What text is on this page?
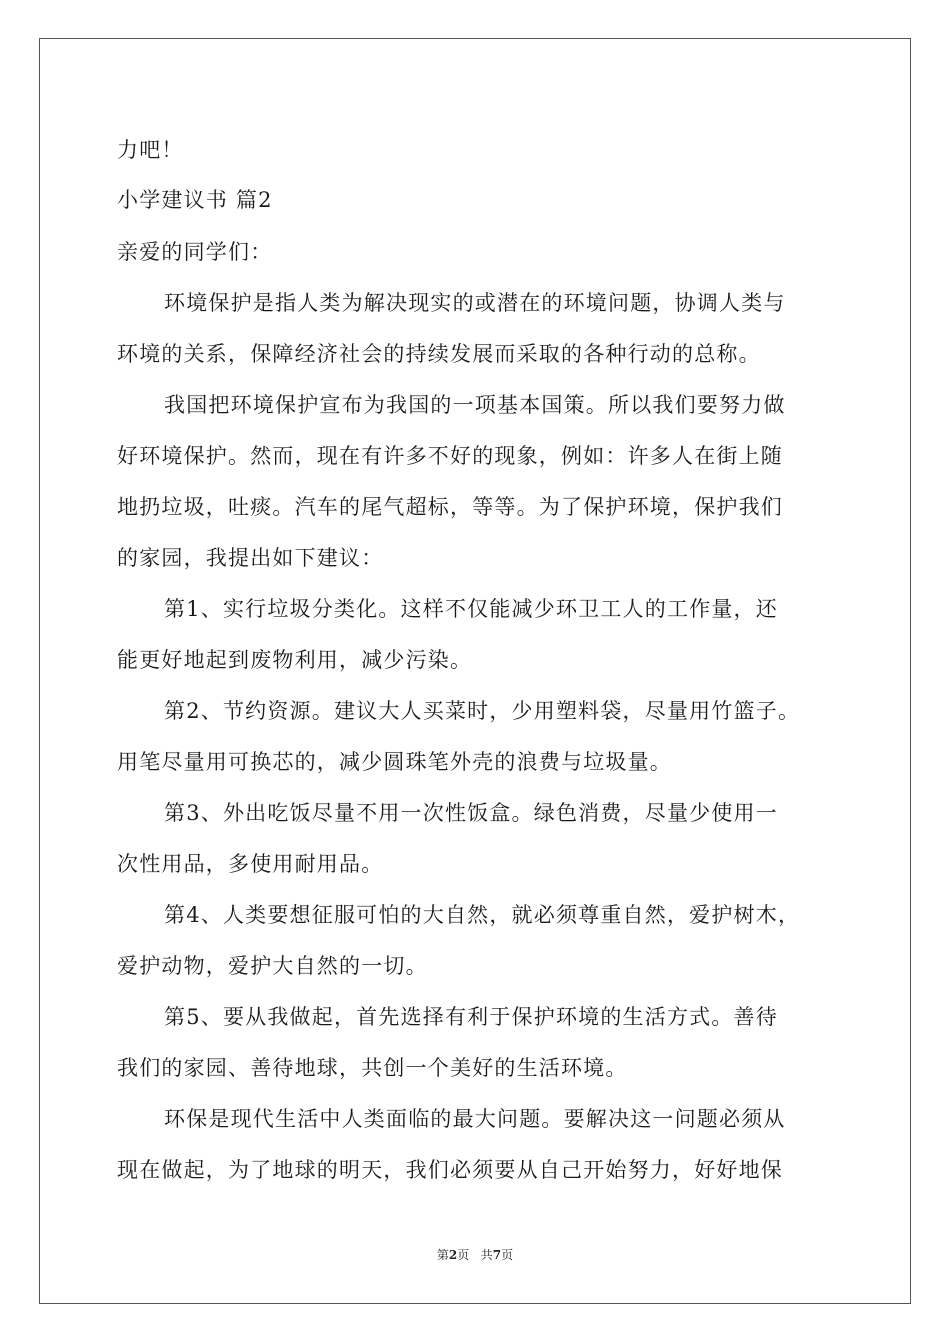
力吧！
小学建议书 篇2
亲爱的同学们：
环境保护是指人类为解决现实的或潜在的环境问题，协调人类与
环境的关系，保障经济社会的持续发展而采取的各种行动的总称。
我国把环境保护宣布为我国的一项基本国策。所以我们要努力做
好环境保护。然而，现在有许多不好的现象，例如：许多人在街上随
地扔垃圾，吐痰。汽车的尾气超标，等等。为了保护环境，保护我们
的家园，我提出如下建议：
第1、实行垃圾分类化。这样不仅能减少环卫工人的工作量，还
能更好地起到废物利用，减少污染。
第2、节约资源。建议大人买菜时，少用塑料袋，尽量用竹篮子。
用笔尽量用可换芯的，减少圆珠笔外壳的浪费与垃圾量。
第3、外出吃饭尽量不用一次性饭盒。绿色消费，尽量少使用一
次性用品，多使用耐用品。
第4、人类要想征服可怕的大自然，就必须尊重自然，爱护树木，
爱护动物，爱护大自然的一切。
第5、要从我做起，首先选择有利于保护环境的生活方式。善待
我们的家园、善待地球，共创一个美好的生活环境。
环保是现代生活中人类面临的最大问题。要解决这一问题必须从
现在做起，为了地球的明天，我们必须要从自己开始努力，好好地保
第2页   共7页
